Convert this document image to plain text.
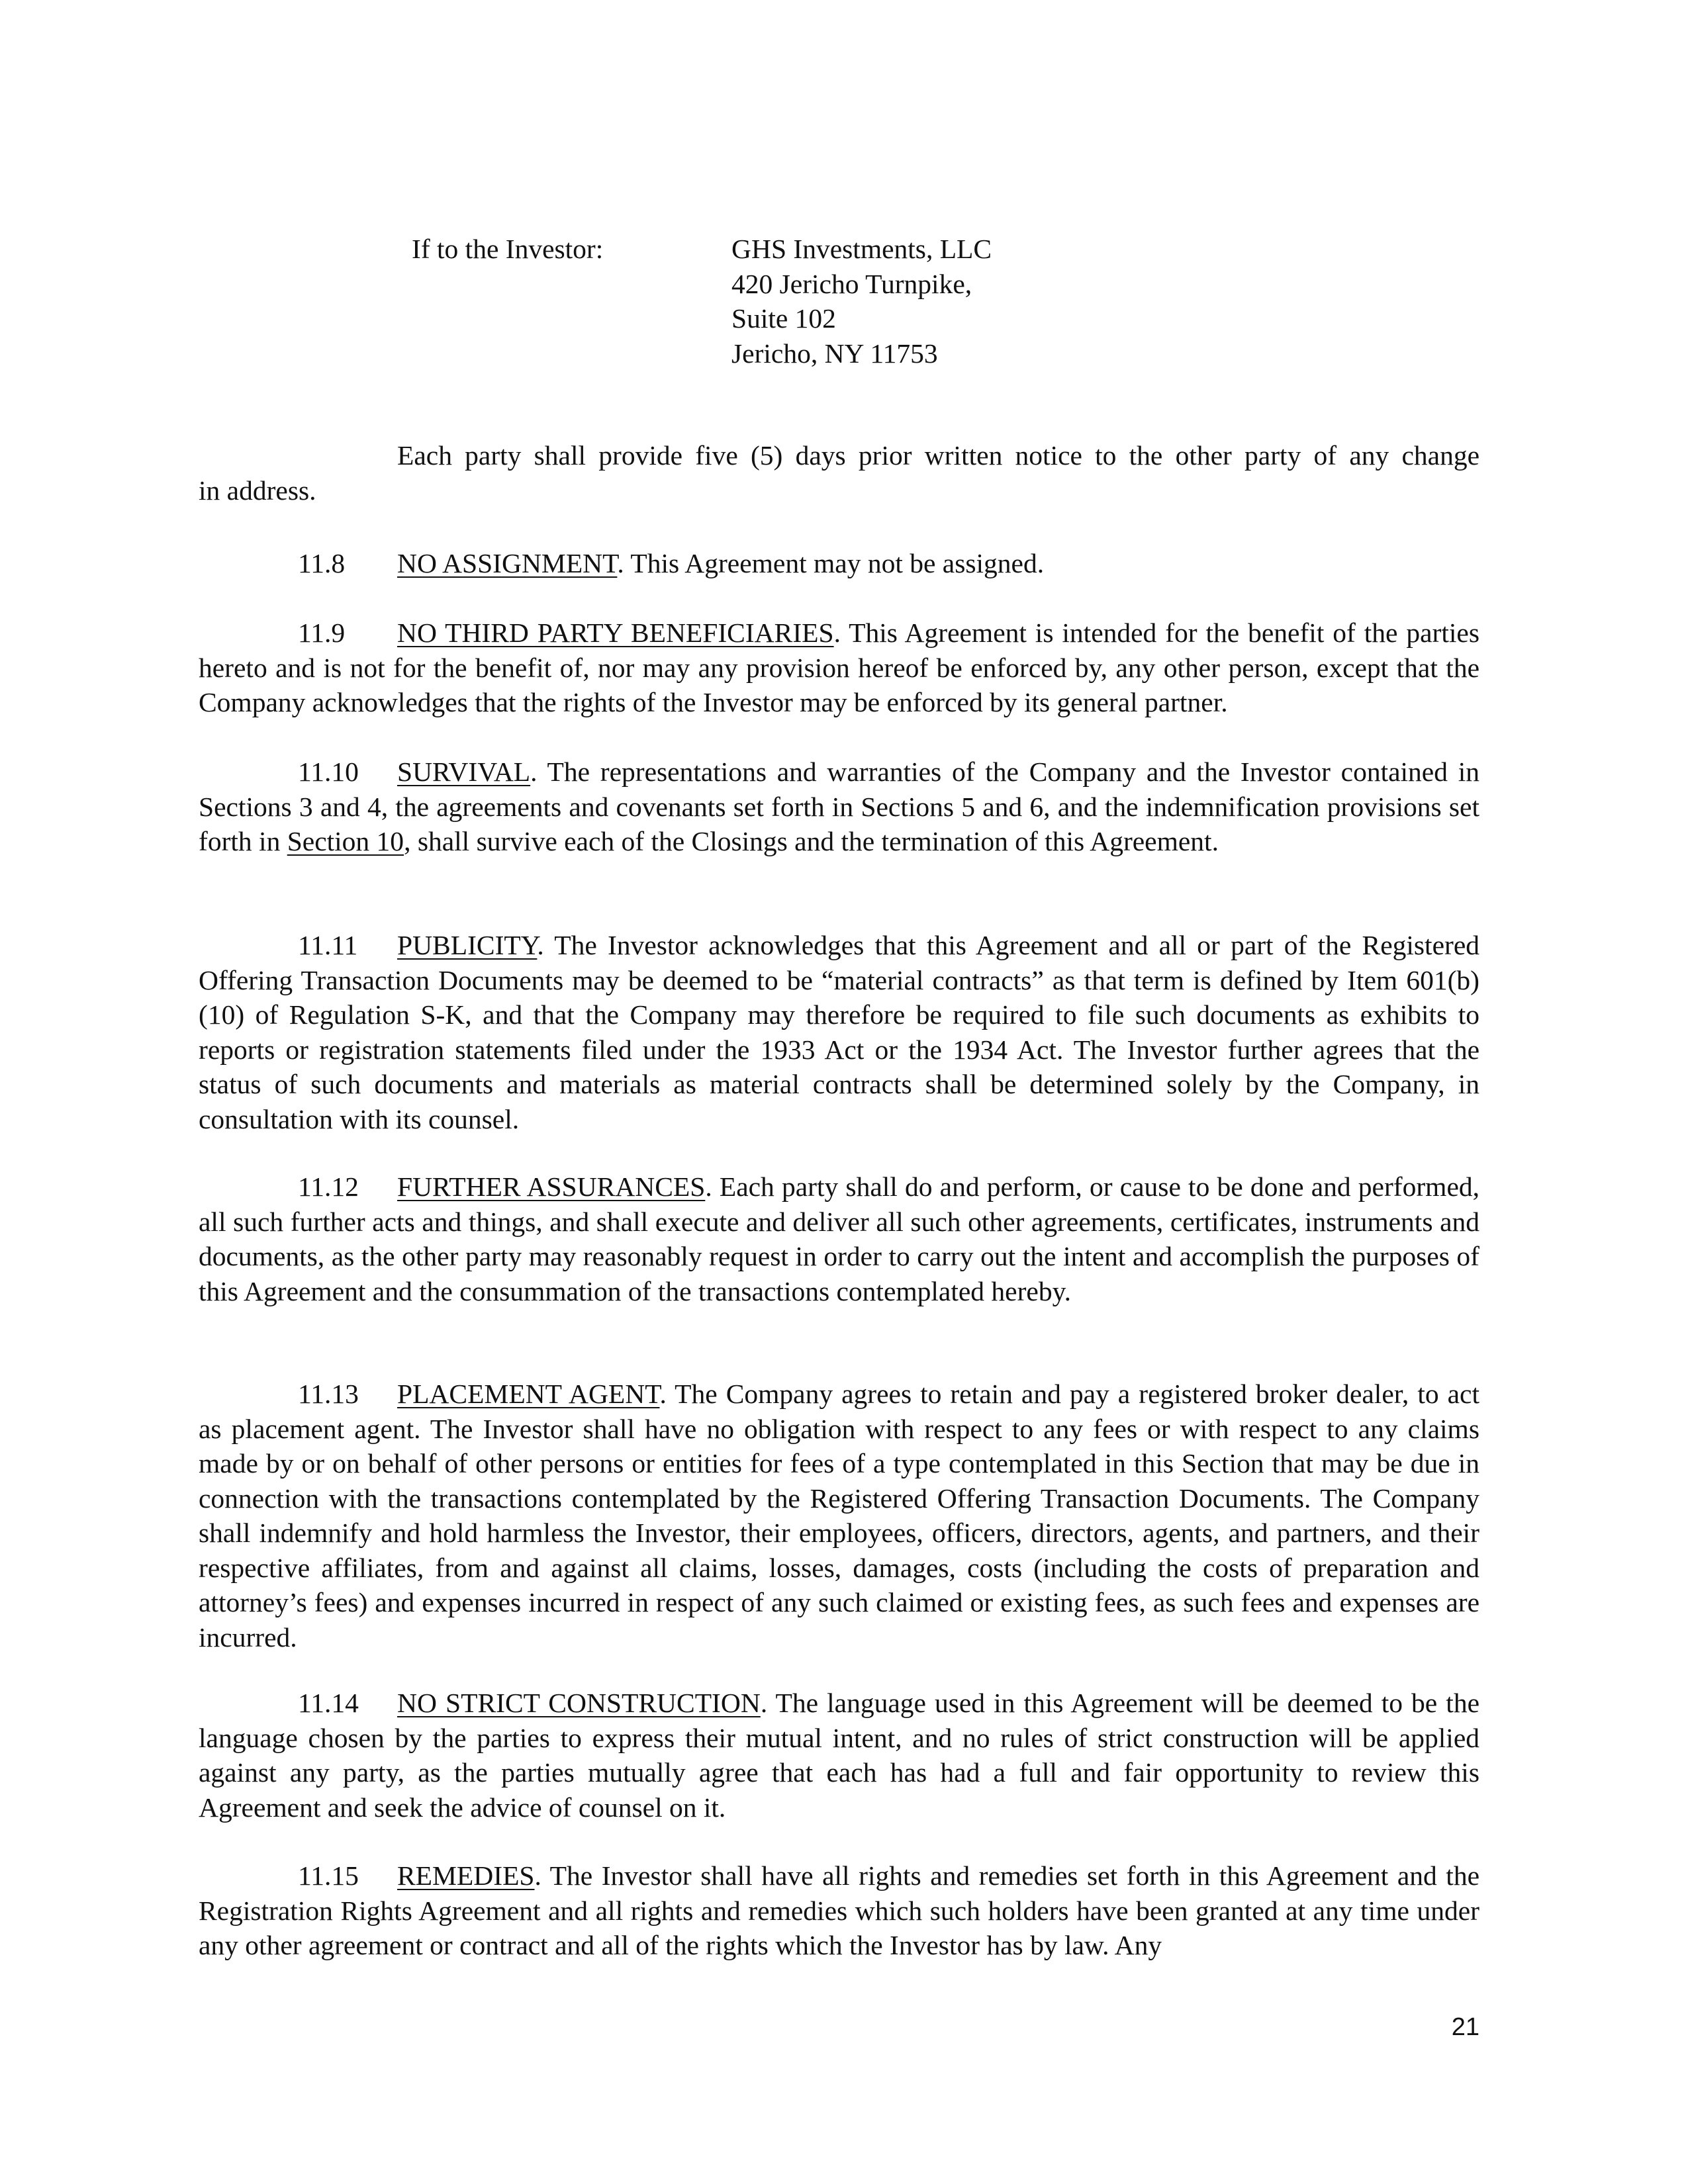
If to the Investor:	GHS Investments, LLC
420 Jericho Turnpike,
Suite 102
Jericho, NY 11753
Each party shall provide five (5) days prior written notice to the other party of any change
in address.
11.8 NO ASSIGNMENT. This Agreement may not be assigned.
11.9 NO THIRD PARTY BENEFICIARIES. This Agreement is intended for the benefit of the parties hereto and is not for the benefit of, nor may any provision hereof be enforced by, any other person, except that the Company acknowledges that the rights of the Investor may be enforced by its general partner.
11.10 SURVIVAL. The representations and warranties of the Company and the Investor contained in Sections 3 and 4, the agreements and covenants set forth in Sections 5 and 6, and the indemnification provisions set forth in Section 10, shall survive each of the Closings and the termination of this Agreement.
11.11 PUBLICITY. The Investor acknowledges that this Agreement and all or part of the Registered Offering Transaction Documents may be deemed to be “material contracts” as that term is defined by Item 601(b)(10) of Regulation S-K, and that the Company may therefore be required to file such documents as exhibits to reports or registration statements filed under the 1933 Act or the 1934 Act. The Investor further agrees that the status of such documents and materials as material contracts shall be determined solely by the Company, in consultation with its counsel.
11.12 FURTHER ASSURANCES. Each party shall do and perform, or cause to be done and performed, all such further acts and things, and shall execute and deliver all such other agreements, certificates, instruments and documents, as the other party may reasonably request in order to carry out the intent and accomplish the purposes of this Agreement and the consummation of the transactions contemplated hereby.
11.13 PLACEMENT AGENT. The Company agrees to retain and pay a registered broker dealer, to act as placement agent. The Investor shall have no obligation with respect to any fees or with respect to any claims made by or on behalf of other persons or entities for fees of a type contemplated in this Section that may be due in connection with the transactions contemplated by the Registered Offering Transaction Documents. The Company shall indemnify and hold harmless the Investor, their employees, officers, directors, agents, and partners, and their respective affiliates, from and against all claims, losses, damages, costs (including the costs of preparation and attorney’s fees) and expenses incurred in respect of any such claimed or existing fees, as such fees and expenses are incurred.
11.14 NO STRICT CONSTRUCTION. The language used in this Agreement will be deemed to be the language chosen by the parties to express their mutual intent, and no rules of strict construction will be applied against any party, as the parties mutually agree that each has had a full and fair opportunity to review this Agreement and seek the advice of counsel on it.
11.15 REMEDIES. The Investor shall have all rights and remedies set forth in this Agreement and the Registration Rights Agreement and all rights and remedies which such holders have been granted at any time under any other agreement or contract and all of the rights which the Investor has by law. Any
21
